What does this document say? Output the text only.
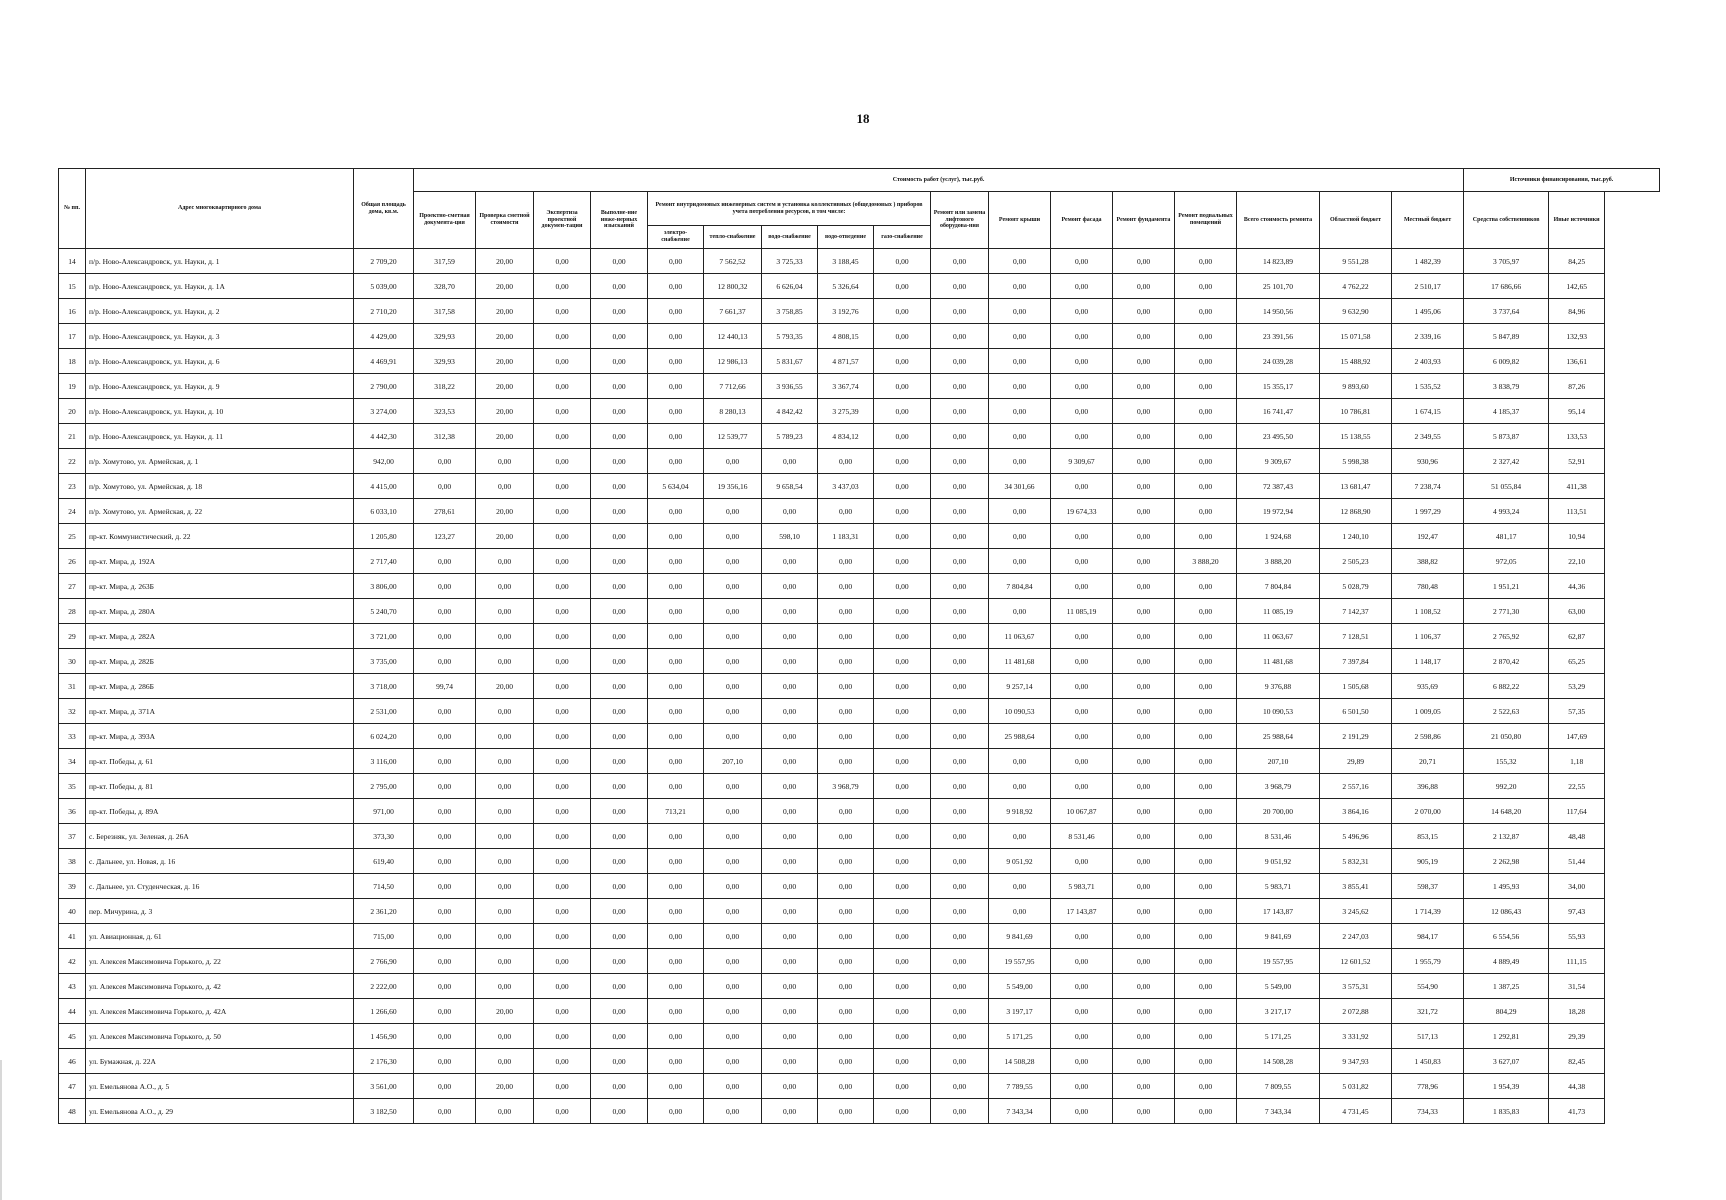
18
№ пп.	Адрес многоквартирного дома	Общая площадь дома, кв.м.	Стоимость работ (услуг), тыс.руб.																	Источники финансирования, тыс.руб.	
			Проектно-сметная документа-ция	Проверка сметной стоимости	Экспертиза проектной докумен-тации	Выполне-ние инже-нерных изысканий	Ремонт внутридомовых инженерных систем и установка коллективных (общедомовых ) приборов учета потребления ресурсов, в том числе:					Ремонт или замена лифтового оборудова-ния	Ремонт крыши	Ремонт фасада	Ремонт фундамента	Ремонт подвальных помещений	Всего стоимость ремонта	Областной бюджет	Местный бюджет	Средства собственников	Иные источники
							электро-снабжение	тепло-снабжение	водо-снабжение	водо-отведение	газо-снабжение										
14	п/р. Ново-Александровск, ул. Науки, д. 1	2 709,20	317,59	20,00	0,00	0,00	0,00	7 562,52	3 725,33	3 188,45	0,00	0,00	0,00	0,00	0,00	0,00	14 823,89	9 551,28	1 482,39	3 705,97	84,25
15	п/р. Ново-Александровск, ул. Науки, д. 1А	5 039,00	328,70	20,00	0,00	0,00	0,00	12 800,32	6 626,04	5 326,64	0,00	0,00	0,00	0,00	0,00	0,00	25 101,70	4 762,22	2 510,17	17 686,66	142,65
16	п/р. Ново-Александровск, ул. Науки, д. 2	2 710,20	317,58	20,00	0,00	0,00	0,00	7 661,37	3 758,85	3 192,76	0,00	0,00	0,00	0,00	0,00	0,00	14 950,56	9 632,90	1 495,06	3 737,64	84,96
17	п/р. Ново-Александровск, ул. Науки, д. 3	4 429,00	329,93	20,00	0,00	0,00	0,00	12 440,13	5 793,35	4 808,15	0,00	0,00	0,00	0,00	0,00	0,00	23 391,56	15 071,58	2 339,16	5 847,89	132,93
18	п/р. Ново-Александровск, ул. Науки, д. 6	4 469,91	329,93	20,00	0,00	0,00	0,00	12 986,13	5 831,67	4 871,57	0,00	0,00	0,00	0,00	0,00	0,00	24 039,28	15 488,92	2 403,93	6 009,82	136,61
19	п/р. Ново-Александровск, ул. Науки, д. 9	2 790,00	318,22	20,00	0,00	0,00	0,00	7 712,66	3 936,55	3 367,74	0,00	0,00	0,00	0,00	0,00	0,00	15 355,17	9 893,60	1 535,52	3 838,79	87,26
20	п/р. Ново-Александровск, ул. Науки, д. 10	3 274,00	323,53	20,00	0,00	0,00	0,00	8 280,13	4 842,42	3 275,39	0,00	0,00	0,00	0,00	0,00	0,00	16 741,47	10 786,81	1 674,15	4 185,37	95,14
21	п/р. Ново-Александровск, ул. Науки, д. 11	4 442,30	312,38	20,00	0,00	0,00	0,00	12 539,77	5 789,23	4 834,12	0,00	0,00	0,00	0,00	0,00	0,00	23 495,50	15 138,55	2 349,55	5 873,87	133,53
22	п/р. Хомутово, ул. Армейская, д. 1	942,00	0,00	0,00	0,00	0,00	0,00	0,00	0,00	0,00	0,00	0,00	0,00	9 309,67	0,00	0,00	9 309,67	5 998,38	930,96	2 327,42	52,91
23	п/р. Хомутово, ул. Армейская, д. 18	4 415,00	0,00	0,00	0,00	0,00	5 634,04	19 356,16	9 658,54	3 437,03	0,00	0,00	34 301,66	0,00	0,00	0,00	72 387,43	13 681,47	7 238,74	51 055,84	411,38
24	п/р. Хомутово, ул. Армейская, д. 22	6 033,10	278,61	20,00	0,00	0,00	0,00	0,00	0,00	0,00	0,00	0,00	0,00	19 674,33	0,00	0,00	19 972,94	12 868,90	1 997,29	4 993,24	113,51
25	пр-кт. Коммунистический, д. 22	1 205,80	123,27	20,00	0,00	0,00	0,00	0,00	598,10	1 183,31	0,00	0,00	0,00	0,00	0,00	0,00	1 924,68	1 240,10	192,47	481,17	10,94
26	пр-кт. Мира, д. 192А	2 717,40	0,00	0,00	0,00	0,00	0,00	0,00	0,00	0,00	0,00	0,00	0,00	0,00	0,00	3 888,20	3 888,20	2 505,23	388,82	972,05	22,10
27	пр-кт. Мира, д. 263Б	3 806,00	0,00	0,00	0,00	0,00	0,00	0,00	0,00	0,00	0,00	0,00	7 804,84	0,00	0,00	0,00	7 804,84	5 028,79	780,48	1 951,21	44,36
28	пр-кт. Мира, д. 280А	5 240,70	0,00	0,00	0,00	0,00	0,00	0,00	0,00	0,00	0,00	0,00	0,00	11 085,19	0,00	0,00	11 085,19	7 142,37	1 108,52	2 771,30	63,00
29	пр-кт. Мира, д. 282А	3 721,00	0,00	0,00	0,00	0,00	0,00	0,00	0,00	0,00	0,00	0,00	11 063,67	0,00	0,00	0,00	11 063,67	7 128,51	1 106,37	2 765,92	62,87
30	пр-кт. Мира, д. 282Б	3 735,00	0,00	0,00	0,00	0,00	0,00	0,00	0,00	0,00	0,00	0,00	11 481,68	0,00	0,00	0,00	11 481,68	7 397,84	1 148,17	2 870,42	65,25
31	пр-кт. Мира, д. 286Б	3 718,00	99,74	20,00	0,00	0,00	0,00	0,00	0,00	0,00	0,00	0,00	9 257,14	0,00	0,00	0,00	9 376,88	1 505,68	935,69	6 882,22	53,29
32	пр-кт. Мира, д. 371А	2 531,00	0,00	0,00	0,00	0,00	0,00	0,00	0,00	0,00	0,00	0,00	10 090,53	0,00	0,00	0,00	10 090,53	6 501,50	1 009,05	2 522,63	57,35
33	пр-кт. Мира, д. 393А	6 024,20	0,00	0,00	0,00	0,00	0,00	0,00	0,00	0,00	0,00	0,00	25 988,64	0,00	0,00	0,00	25 988,64	2 191,29	2 598,86	21 050,80	147,69
34	пр-кт. Победы, д. 61	3 116,00	0,00	0,00	0,00	0,00	0,00	207,10	0,00	0,00	0,00	0,00	0,00	0,00	0,00	0,00	207,10	29,89	20,71	155,32	1,18
35	пр-кт. Победы, д. 81	2 795,00	0,00	0,00	0,00	0,00	0,00	0,00	0,00	3 968,79	0,00	0,00	0,00	0,00	0,00	0,00	3 968,79	2 557,16	396,88	992,20	22,55
36	пр-кт. Победы, д. 89А	971,00	0,00	0,00	0,00	0,00	713,21	0,00	0,00	0,00	0,00	0,00	9 918,92	10 067,87	0,00	0,00	20 700,00	3 864,16	2 070,00	14 648,20	117,64
37	с. Березняк, ул. Зеленая, д. 26А	373,30	0,00	0,00	0,00	0,00	0,00	0,00	0,00	0,00	0,00	0,00	0,00	8 531,46	0,00	0,00	8 531,46	5 496,96	853,15	2 132,87	48,48
38	с. Дальнее, ул. Новая, д. 16	619,40	0,00	0,00	0,00	0,00	0,00	0,00	0,00	0,00	0,00	0,00	9 051,92	0,00	0,00	0,00	9 051,92	5 832,31	905,19	2 262,98	51,44
39	с. Дальнее, ул. Студенческая, д. 16	714,50	0,00	0,00	0,00	0,00	0,00	0,00	0,00	0,00	0,00	0,00	0,00	5 983,71	0,00	0,00	5 983,71	3 855,41	598,37	1 495,93	34,00
40	пер. Мичурина, д. 3	2 361,20	0,00	0,00	0,00	0,00	0,00	0,00	0,00	0,00	0,00	0,00	0,00	17 143,87	0,00	0,00	17 143,87	3 245,62	1 714,39	12 086,43	97,43
41	ул. Авиационная, д. 61	715,00	0,00	0,00	0,00	0,00	0,00	0,00	0,00	0,00	0,00	0,00	9 841,69	0,00	0,00	0,00	9 841,69	2 247,03	984,17	6 554,56	55,93
42	ул. Алексея Максимовича Горького, д. 22	2 766,90	0,00	0,00	0,00	0,00	0,00	0,00	0,00	0,00	0,00	0,00	19 557,95	0,00	0,00	0,00	19 557,95	12 601,52	1 955,79	4 889,49	111,15
43	ул. Алексея Максимовича Горького, д. 42	2 222,00	0,00	0,00	0,00	0,00	0,00	0,00	0,00	0,00	0,00	0,00	5 549,00	0,00	0,00	0,00	5 549,00	3 575,31	554,90	1 387,25	31,54
44	ул. Алексея Максимовича Горького, д. 42А	1 266,60	0,00	20,00	0,00	0,00	0,00	0,00	0,00	0,00	0,00	0,00	3 197,17	0,00	0,00	0,00	3 217,17	2 072,88	321,72	804,29	18,28
45	ул. Алексея Максимовича Горького, д. 50	1 456,90	0,00	0,00	0,00	0,00	0,00	0,00	0,00	0,00	0,00	0,00	5 171,25	0,00	0,00	0,00	5 171,25	3 331,92	517,13	1 292,81	29,39
46	ул. Бумажная, д. 22А	2 176,30	0,00	0,00	0,00	0,00	0,00	0,00	0,00	0,00	0,00	0,00	14 508,28	0,00	0,00	0,00	14 508,28	9 347,93	1 450,83	3 627,07	82,45
47	ул. Емельянова А.О., д. 5	3 561,00	0,00	20,00	0,00	0,00	0,00	0,00	0,00	0,00	0,00	0,00	7 789,55	0,00	0,00	0,00	7 809,55	5 031,82	778,96	1 954,39	44,38
48	ул. Емельянова А.О., д. 29	3 182,50	0,00	0,00	0,00	0,00	0,00	0,00	0,00	0,00	0,00	0,00	7 343,34	0,00	0,00	0,00	7 343,34	4 731,45	734,33	1 835,83	41,73
